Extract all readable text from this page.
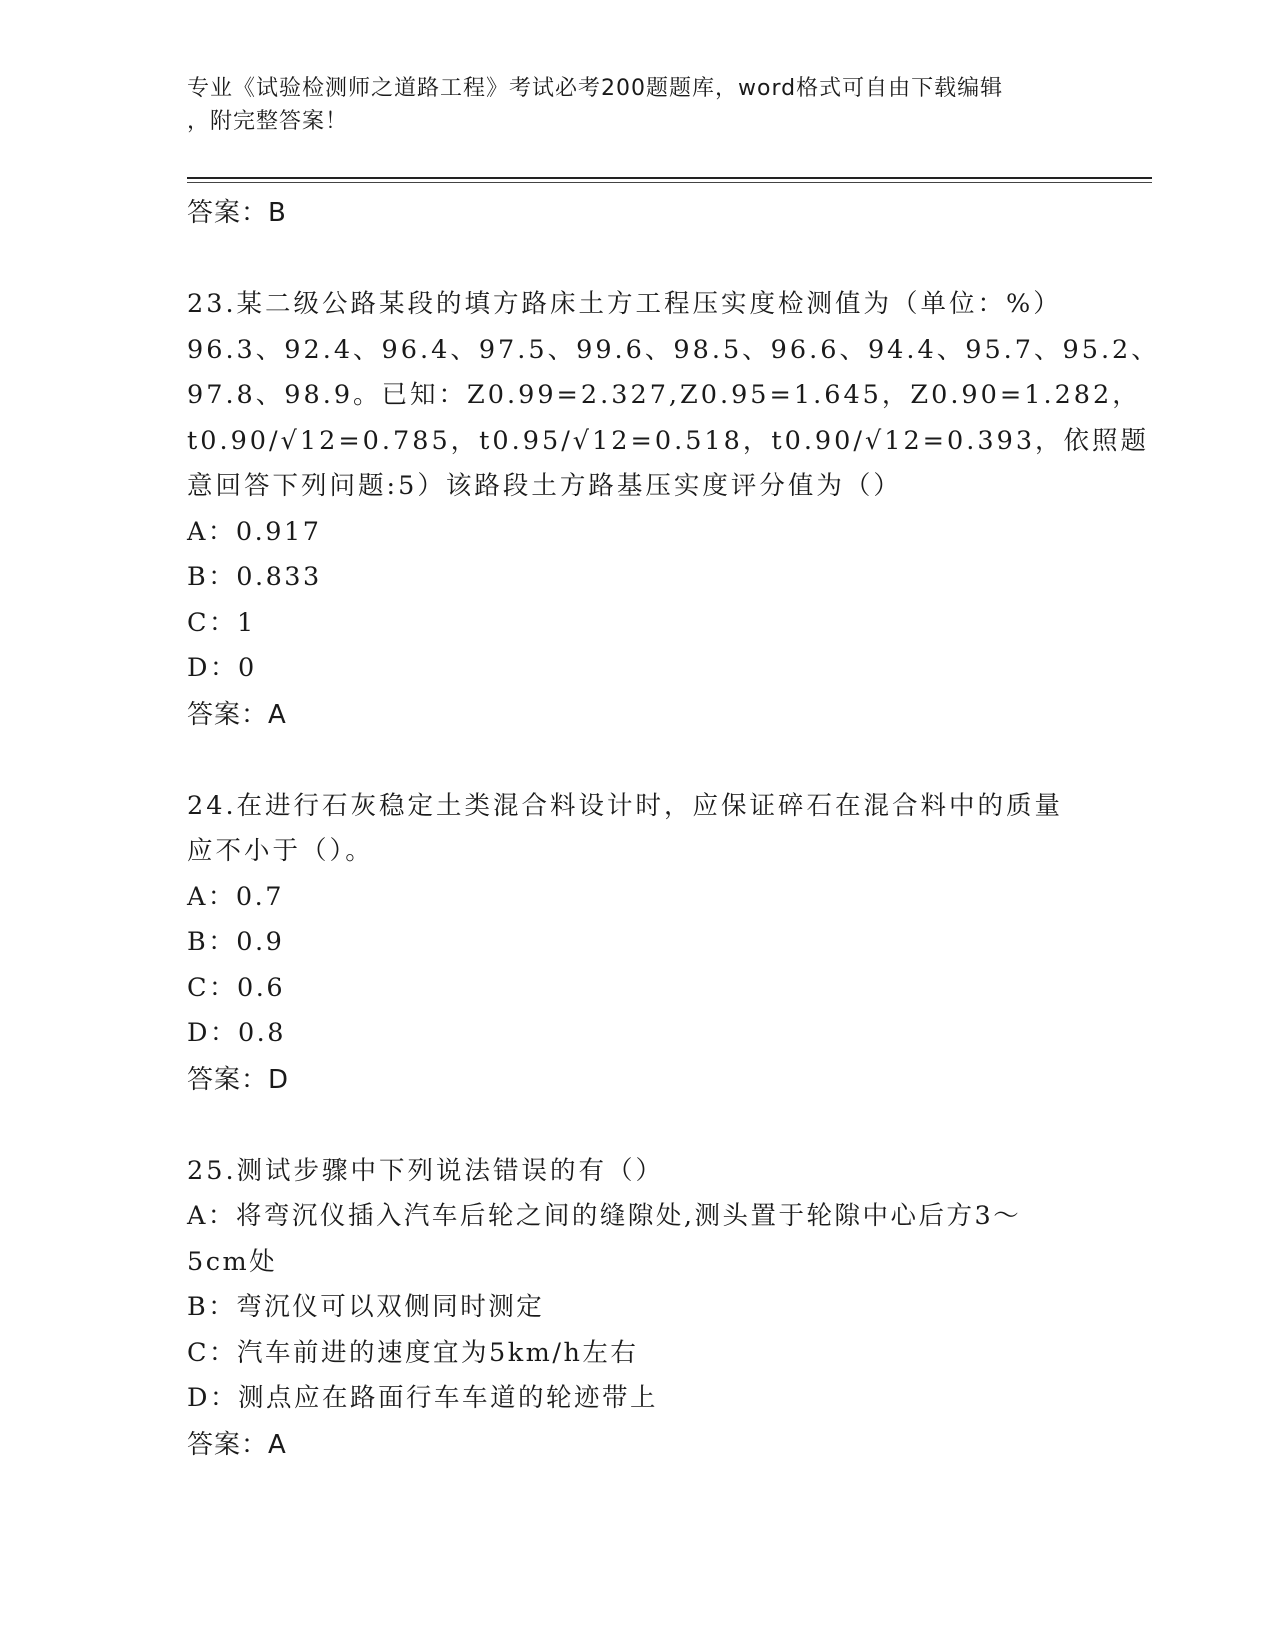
专业《试验检测师之道路工程》考试必考200题题库，word格式可自由下载编辑
，附完整答案！
答案：B
23.某二级公路某段的填方路床土方工程压实度检测值为（单位：%）
96.3、92.4、96.4、97.5、99.6、98.5、96.6、94.4、95.7、95.2、
97.8、98.9。已知：Z0.99=2.327,Z0.95=1.645，Z0.90=1.282，
t0.90/√12=0.785，t0.95/√12=0.518，t0.90/√12=0.393，依照题
意回答下列问题:5）该路段土方路基压实度评分值为（）
A：0.917
B：0.833
C：1
D：0
答案：A
24.在进行石灰稳定土类混合料设计时，应保证碎石在混合料中的质量
应不小于（）。
A：0.7
B：0.9
C：0.6
D：0.8
答案：D
25.测试步骤中下列说法错误的有（）
A：将弯沉仪插入汽车后轮之间的缝隙处,测头置于轮隙中心后方3～
5cm处
B：弯沉仪可以双侧同时测定
C：汽车前进的速度宜为5km/h左右
D：测点应在路面行车车道的轮迹带上
答案：A
